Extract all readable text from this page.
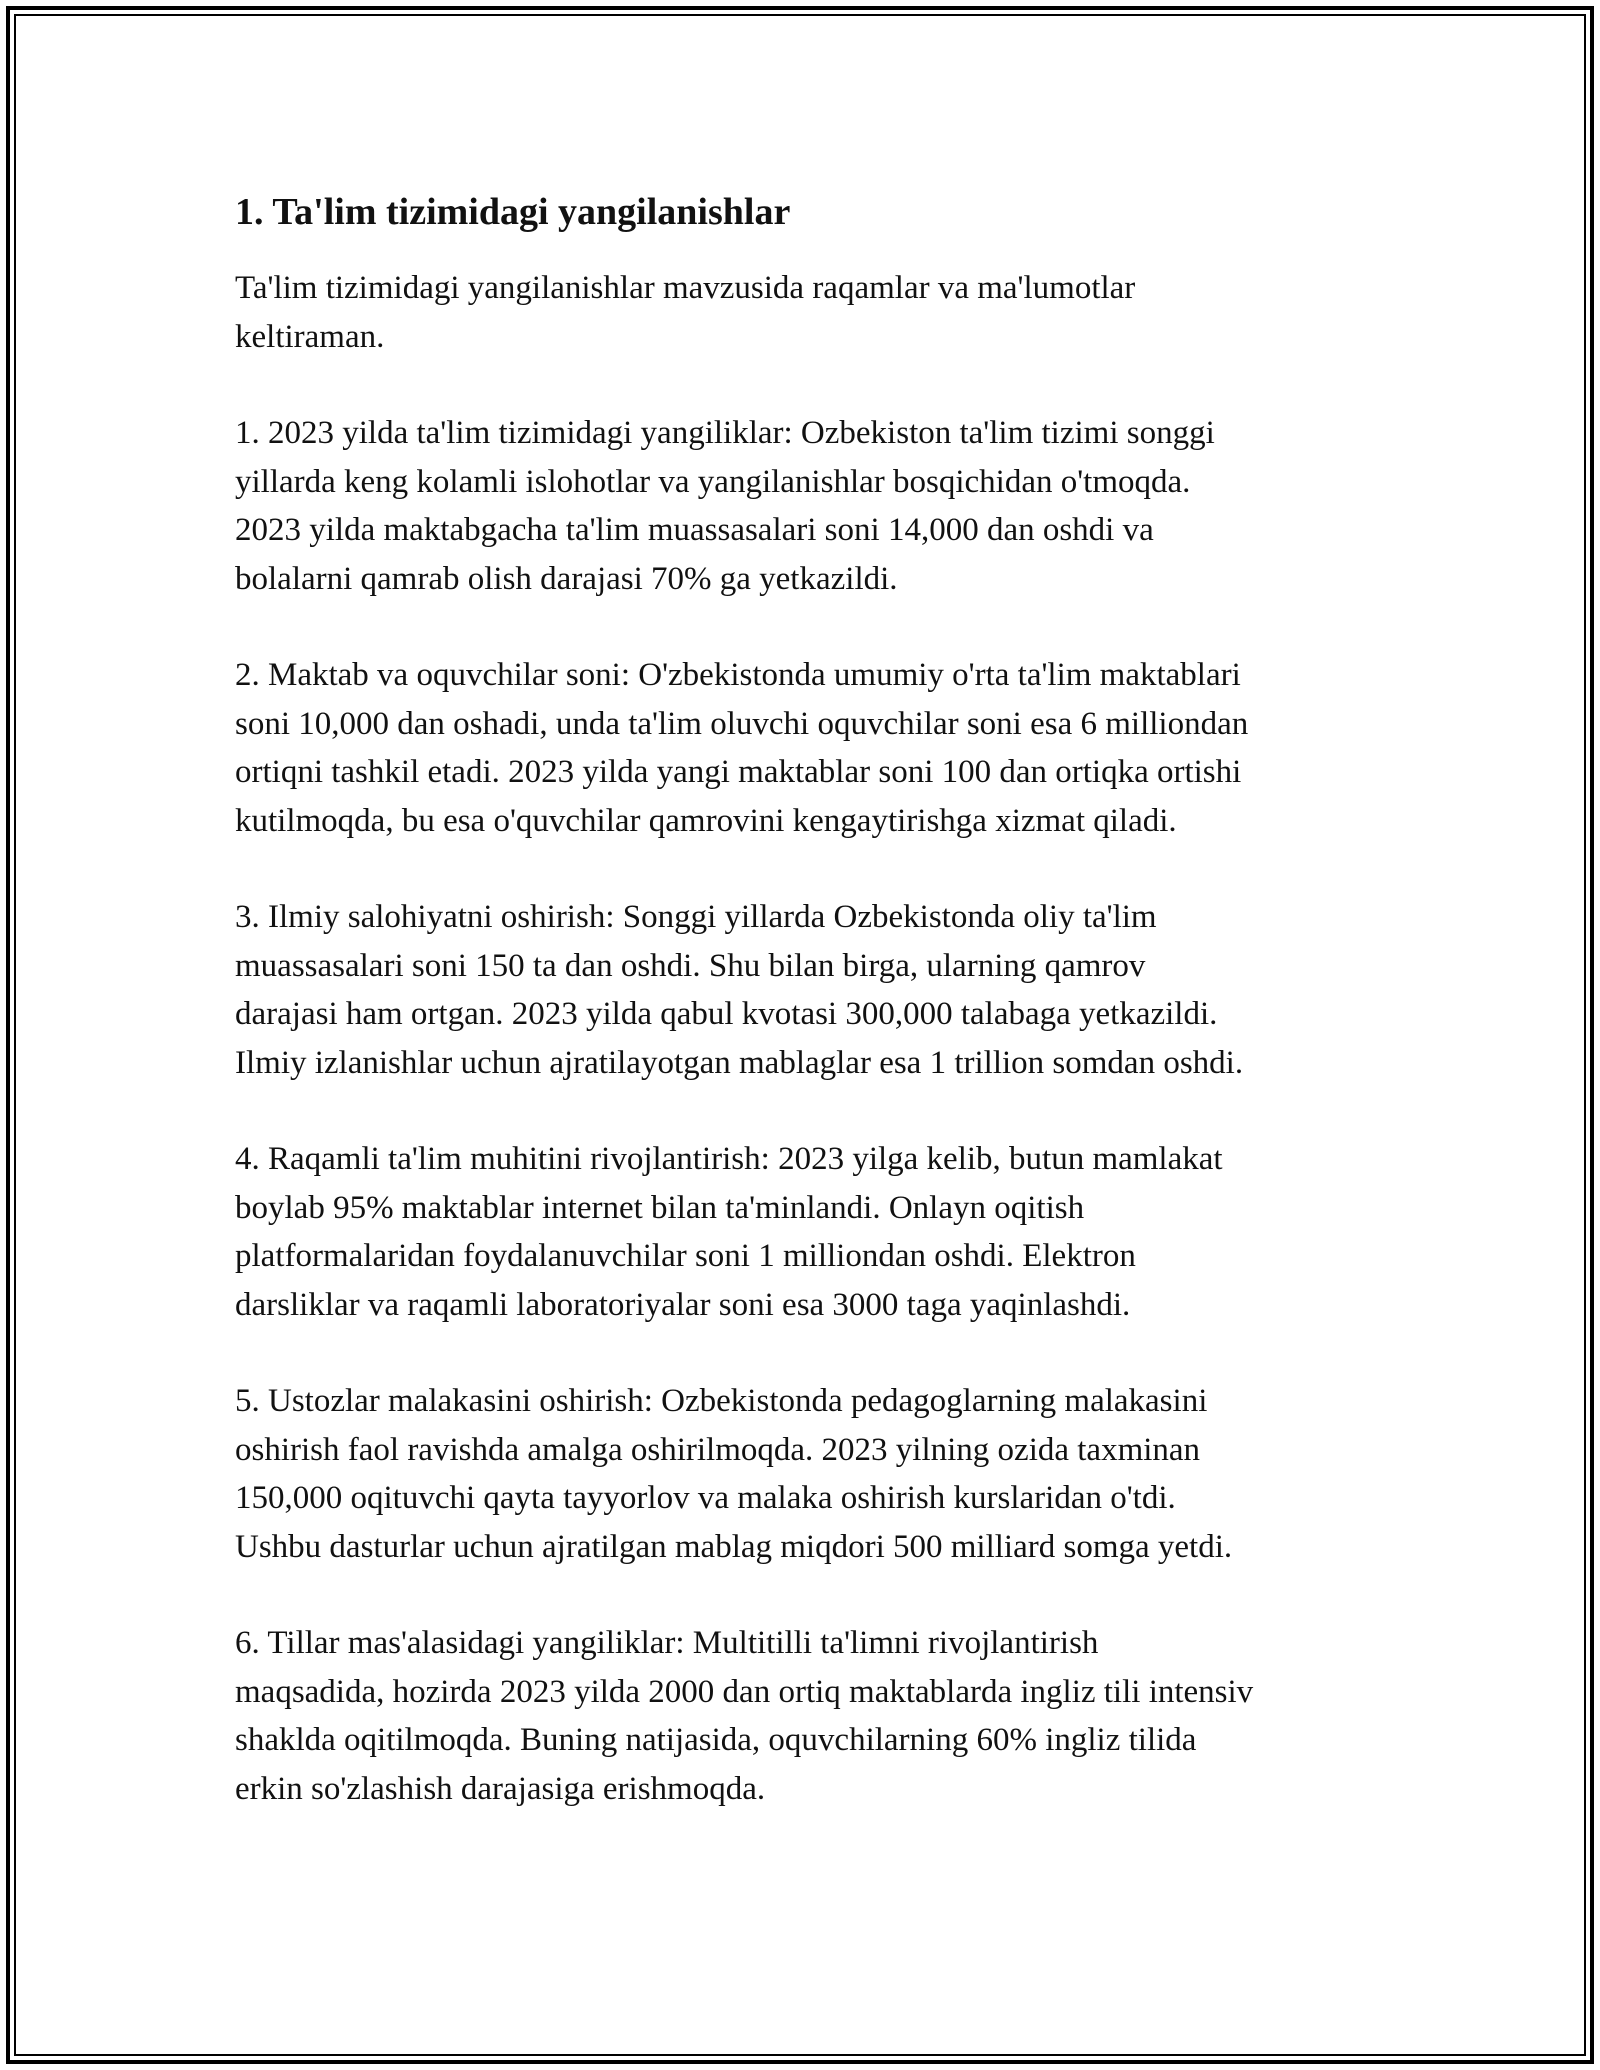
1. Ta'lim tizimidagi yangilanishlar

Ta'lim tizimidagi yangilanishlar mavzusida raqamlar va ma'lumotlar
keltiraman.

1. 2023 yilda ta'lim tizimidagi yangiliklar: Ozbekiston ta'lim tizimi songgi
yillarda keng kolamli islohotlar va yangilanishlar bosqichidan o'tmoqda.
2023 yilda maktabgacha ta'lim muassasalari soni 14,000 dan oshdi va
bolalarni qamrab olish darajasi 70% ga yetkazildi.

2. Maktab va oquvchilar soni: O'zbekistonda umumiy o'rta ta'lim maktablari
soni 10,000 dan oshadi, unda ta'lim oluvchi oquvchilar soni esa 6 milliondan
ortiqni tashkil etadi. 2023 yilda yangi maktablar soni 100 dan ortiqka ortishi
kutilmoqda, bu esa o'quvchilar qamrovini kengaytirishga xizmat qiladi.

3. Ilmiy salohiyatni oshirish: Songgi yillarda Ozbekistonda oliy ta'lim
muassasalari soni 150 ta dan oshdi. Shu bilan birga, ularning qamrov
darajasi ham ortgan. 2023 yilda qabul kvotasi 300,000 talabaga yetkazildi.
Ilmiy izlanishlar uchun ajratilayotgan mablaglar esa 1 trillion somdan oshdi.

4. Raqamli ta'lim muhitini rivojlantirish: 2023 yilga kelib, butun mamlakat
boylab 95% maktablar internet bilan ta'minlandi. Onlayn oqitish
platformalaridan foydalanuvchilar soni 1 milliondan oshdi. Elektron
darsliklar va raqamli laboratoriyalar soni esa 3000 taga yaqinlashdi.

5. Ustozlar malakasini oshirish: Ozbekistonda pedagoglarning malakasini
oshirish faol ravishda amalga oshirilmoqda. 2023 yilning ozida taxminan
150,000 oqituvchi qayta tayyorlov va malaka oshirish kurslaridan o'tdi.
Ushbu dasturlar uchun ajratilgan mablag miqdori 500 milliard somga yetdi.

6. Tillar mas'alasidagi yangiliklar: Multitilli ta'limni rivojlantirish
maqsadida, hozirda 2023 yilda 2000 dan ortiq maktablarda ingliz tili intensiv
shaklda oqitilmoqda. Buning natijasida, oquvchilarning 60% ingliz tilida
erkin so'zlashish darajasiga erishmoqda.
